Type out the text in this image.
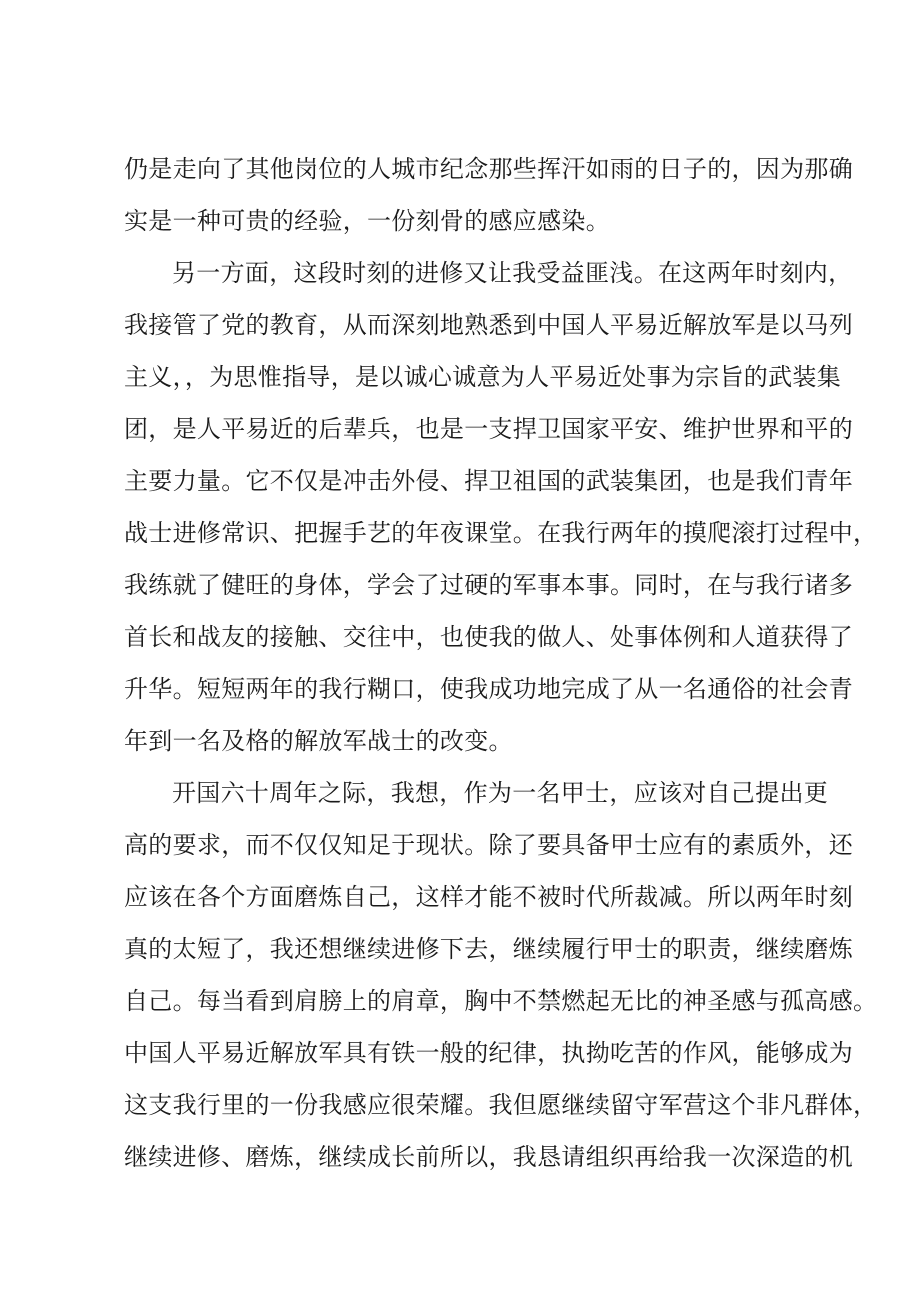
仍是走向了其他岗位的人城市纪念那些挥汗如雨的日子的，因为那确
实是一种可贵的经验，一份刻骨的感应感染。
另一方面，这段时刻的进修又让我受益匪浅。在这两年时刻内，
我接管了党的教育，从而深刻地熟悉到中国人平易近解放军是以马列
主义，，为思惟指导，是以诚心诚意为人平易近处事为宗旨的武装集
团，是人平易近的后辈兵，也是一支捍卫国家平安、维护世界和平的
主要力量。它不仅是冲击外侵、捍卫祖国的武装集团，也是我们青年
战士进修常识、把握手艺的年夜课堂。在我行两年的摸爬滚打过程中，
我练就了健旺的身体，学会了过硬的军事本事。同时，在与我行诸多
首长和战友的接触、交往中，也使我的做人、处事体例和人道获得了
升华。短短两年的我行糊口，使我成功地完成了从一名通俗的社会青
年到一名及格的解放军战士的改变。
开国六十周年之际，我想，作为一名甲士，应该对自己提出更
高的要求，而不仅仅知足于现状。除了要具备甲士应有的素质外，还
应该在各个方面磨炼自己，这样才能不被时代所裁减。所以两年时刻
真的太短了，我还想继续进修下去，继续履行甲士的职责，继续磨炼
自己。每当看到肩膀上的肩章，胸中不禁燃起无比的神圣感与孤高感。
中国人平易近解放军具有铁一般的纪律，执拗吃苦的作风，能够成为
这支我行里的一份我感应很荣耀。我但愿继续留守军营这个非凡群体，
继续进修、磨炼，继续成长前所以，我恳请组织再给我一次深造的机
